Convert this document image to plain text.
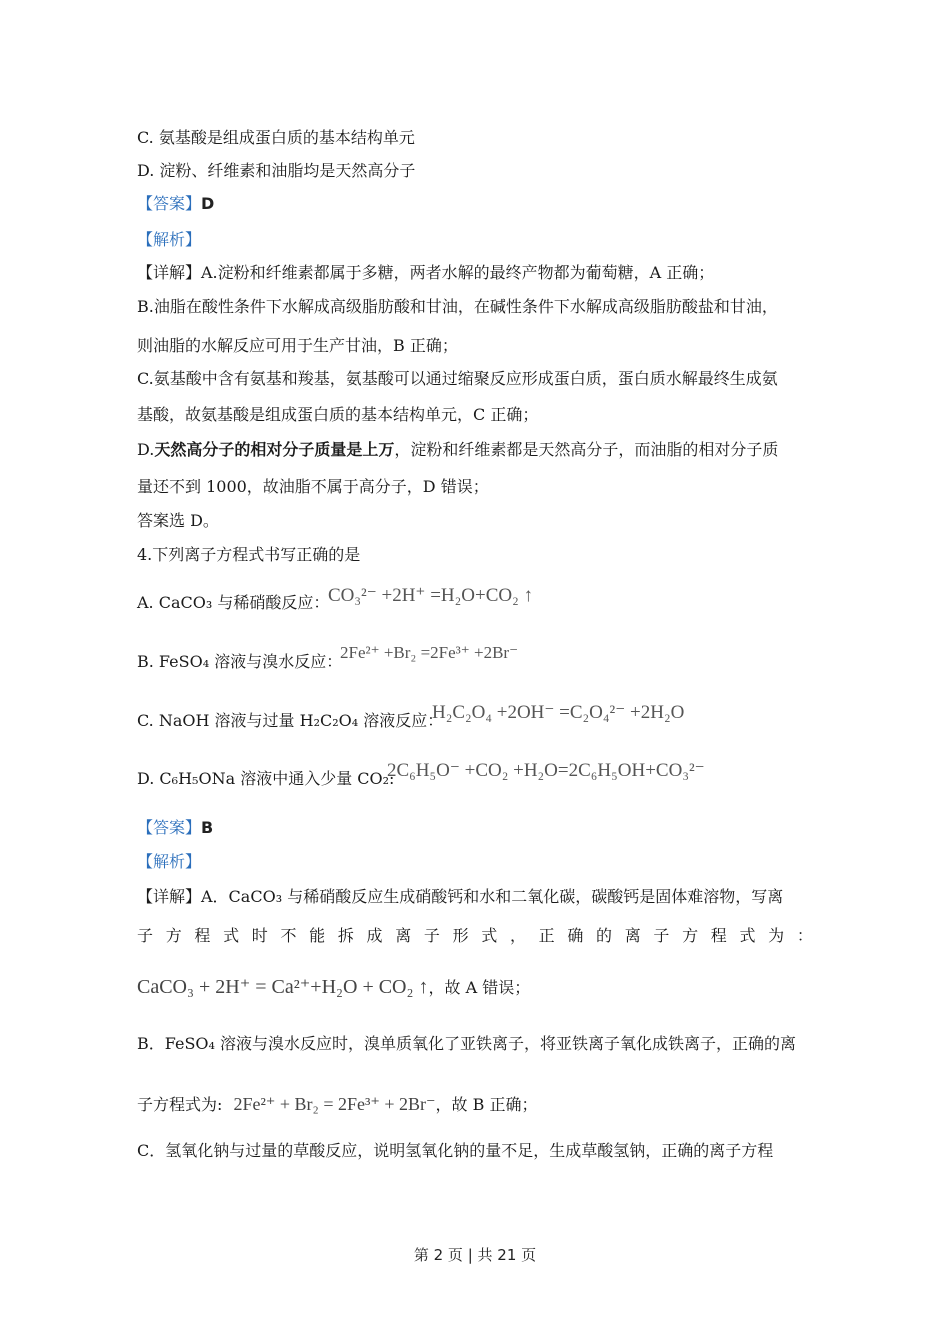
C. 氨基酸是组成蛋白质的基本结构单元
D. 淀粉、纤维素和油脂均是天然高分子
【答案】D
【解析】
【详解】A.淀粉和纤维素都属于多糖，两者水解的最终产物都为葡萄糖，A 正确；
B.油脂在酸性条件下水解成高级脂肪酸和甘油，在碱性条件下水解成高级脂肪酸盐和甘油，
则油脂的水解反应可用于生产甘油，B 正确；
C.氨基酸中含有氨基和羧基，氨基酸可以通过缩聚反应形成蛋白质，蛋白质水解最终生成氨
基酸，故氨基酸是组成蛋白质的基本结构单元，C 正确；
D.天然高分子的相对分子质量是上万，淀粉和纤维素都是天然高分子，而油脂的相对分子质
量还不到 1000，故油脂不属于高分子，D 错误；
答案选 D。
4.下列离子方程式书写正确的是
A. CaCO₃ 与稀硝酸反应：
CO₃²⁻ +2H⁺ =H₂O+CO₂ ↑
B. FeSO₄ 溶液与溴水反应：
2Fe²⁺ +Br₂ =2Fe³⁺ +2Br⁻
C. NaOH 溶液与过量 H₂C₂O₄ 溶液反应：
H₂C₂O₄ +2OH⁻ =C₂O₄²⁻ +2H₂O
D. C₆H₅ONa 溶液中通入少量 CO₂:
2C₆H₅O⁻ +CO₂ +H₂O=2C₆H₅OH+CO₃²⁻
【答案】B
【解析】
【详解】A．CaCO₃ 与稀硝酸反应生成硝酸钙和水和二氧化碳，碳酸钙是固体难溶物，写离
子 方 程 式 时 不 能 拆 成 离 子 形 式 ， 正 确 的 离 子 方 程 式 为 ：
CaCO₃ + 2H⁺ = Ca²⁺+H₂O + CO₂ ↑，故 A 错误；
B．FeSO₄ 溶液与溴水反应时，溴单质氧化了亚铁离子，将亚铁离子氧化成铁离子，正确的离
子方程式为: 2Fe²⁺ + Br₂ = 2Fe³⁺ + 2Br⁻，故 B 正确；
C．氢氧化钠与过量的草酸反应，说明氢氧化钠的量不足，生成草酸氢钠，正确的离子方程
第 2 页 | 共 21 页
